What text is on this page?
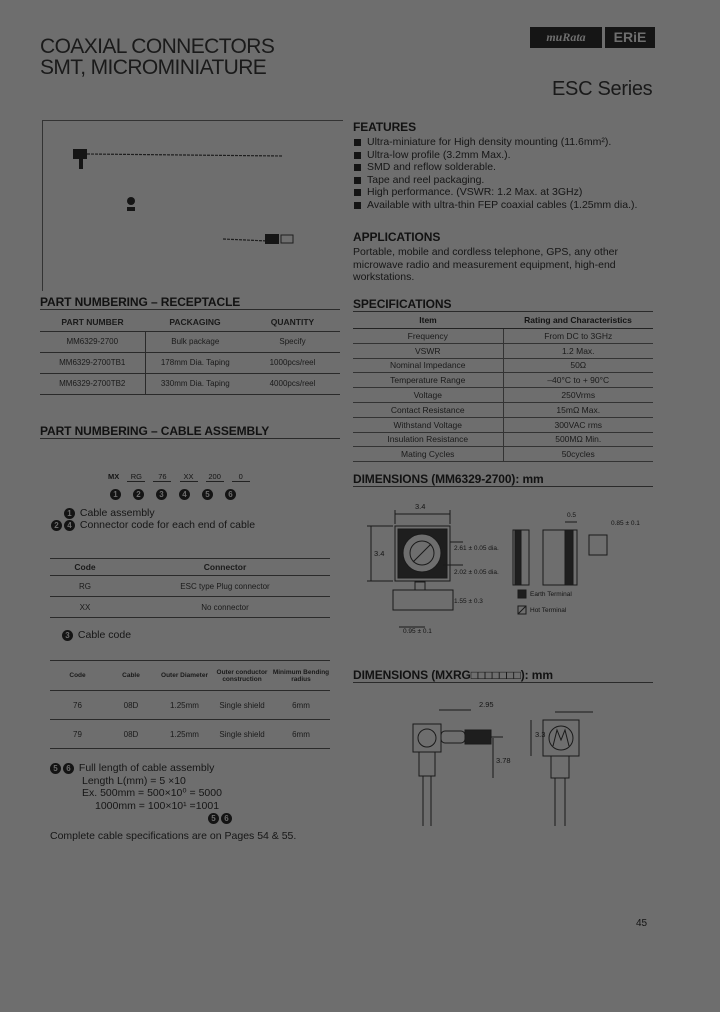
COAXIAL CONNECTORS
SMT, MICROMINIATURE
muRata	ERiE
ESC Series
FEATURES
Ultra-miniature for High density mounting (11.6mm²).
Ultra-low profile (3.2mm Max.).
SMD and reflow solderable.
Tape and reel packaging.
High performance. (VSWR: 1.2 Max. at 3GHz)
Available with ultra-thin FEP coaxial cables (1.25mm dia.).
APPLICATIONS
Portable, mobile and cordless telephone, GPS, any other microwave radio and measurement equipment, high-end workstations.
PART NUMBERING – RECEPTACLE
PART NUMBER	PACKAGING	QUANTITY
MM6329-2700	Bulk package	Specify
MM6329-2700TB1	178mm Dia. Taping	1000pcs/reel
MM6329-2700TB2	330mm Dia. Taping	4000pcs/reel
SPECIFICATIONS
Item	Rating and Characteristics
Frequency	From DC to 3GHz
VSWR	1.2 Max.
Nominal Impedance	50Ω
Temperature Range	–40°C to + 90°C
Voltage	250Vrms
Contact Resistance	15mΩ Max.
Withstand Voltage	300VAC rms
Insulation Resistance	500MΩ Min.
Mating Cycles	50cycles
PART NUMBERING – CABLE ASSEMBLY
MX RG 76 XX 200 0
1 2 3 4 5 6
1 Cable assembly
2 4 Connector code for each end of cable
Code	Connector
RG	ESC type Plug connector
XX	No connector
3 Cable code
Code	Cable	Outer Diameter	Outer conductor construction	Minimum Bending radius
76	08D	1.25mm	Single shield	6mm
79	08D	1.25mm	Single shield	6mm
5 6 Full length of cable assembly
Length L(mm) = 5 ×10
Ex. 500mm = 500×10⁰ = 5000
1000mm = 100×10¹ =1001
5 6
Complete cable specifications are on Pages 54 & 55.
DIMENSIONS (MM6329-2700): mm
3.4
3.4
2.61 ± 0.05 dia.
2.02 ± 0.05 dia.
1.55 ± 0.3
0.95 ± 0.1
0.5
0.85 ± 0.1
Earth Terminal
Hot Terminal
DIMENSIONS (MXRG□□□□□□□): mm
2.95
3.3
3.78
45
